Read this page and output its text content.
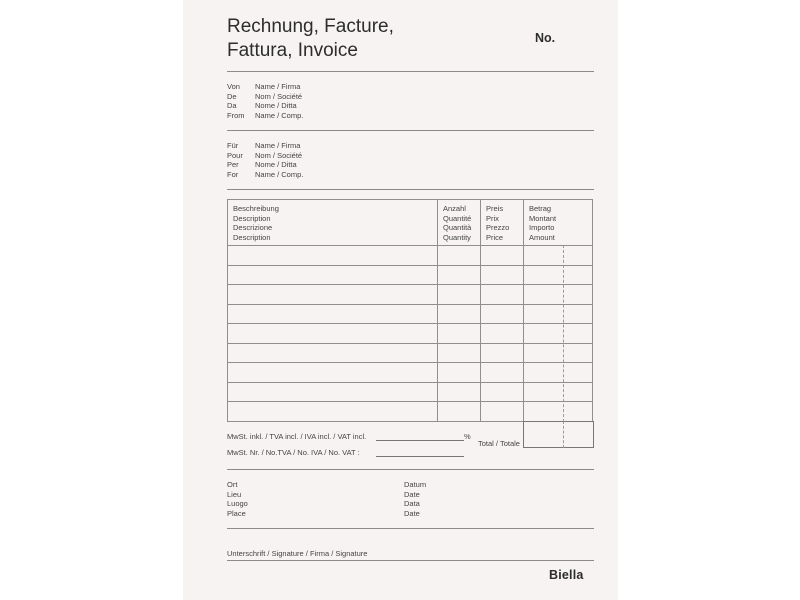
Rechnung, Facture,
Fattura, Invoice
No.
Von
De
Da
From
Name / Firma
Nom / Société
Nome / Ditta
Name / Comp.
Für
Pour
Per
For
Name / Firma
Nom / Société
Nome / Ditta
Name / Comp.
Beschreibung
Description
Descrizione
Description
Anzahl
Quantité
Quantità
Quantity
Preis
Prix
Prezzo
Price
Betrag
Montant
Importo
Amount
MwSt. inkl. / TVA incl. / IVA incl. / VAT incl.	%
Total / Totale
MwSt. Nr. / No.TVA / No. IVA / No. VAT :
Ort
Lieu
Luogo
Place
Datum
Date
Data
Date
Unterschrift / Signature / Firma / Signature
Biella
